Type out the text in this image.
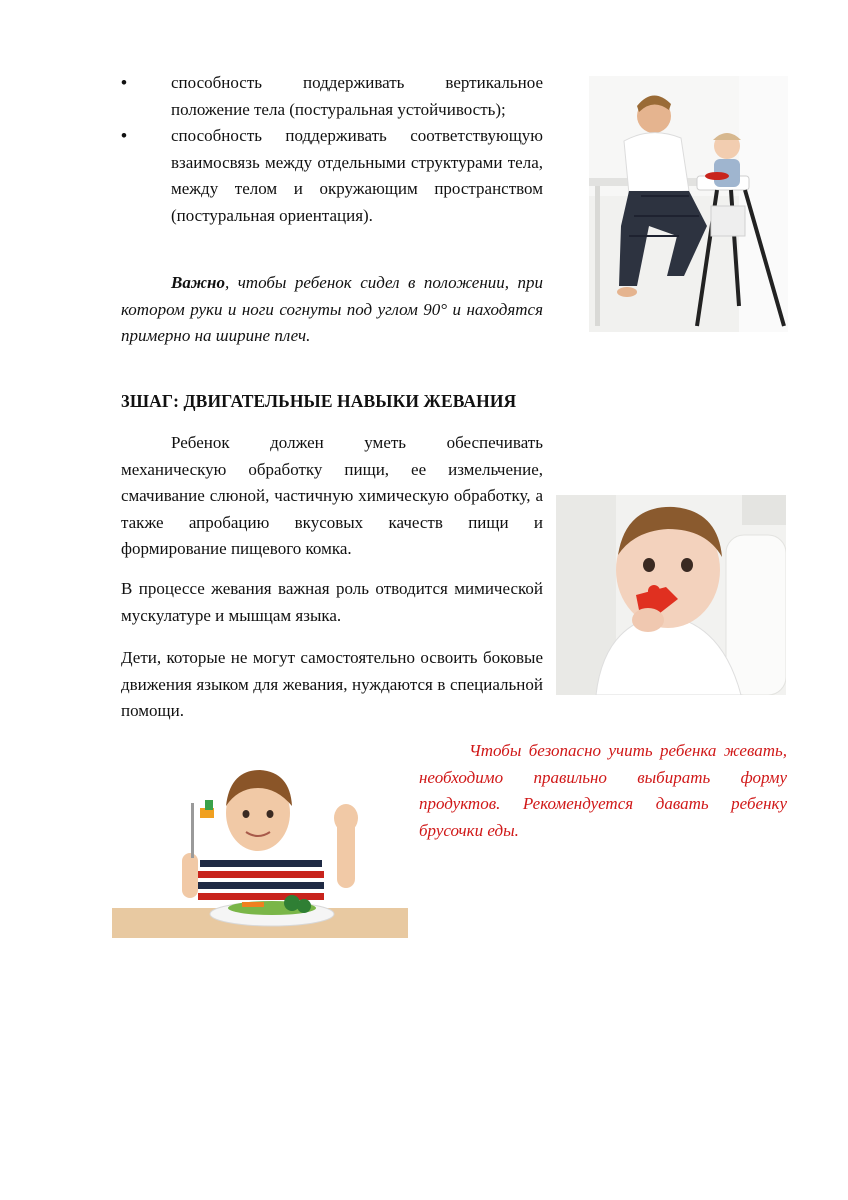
•	способность поддерживать вертикальное положение тела (постуральная устойчивость);

•	способность поддерживать соответствующую взаимосвязь между отдельными структурами тела, между телом и окружающим пространством (постуральная ориентация).

Важно, чтобы ребенок сидел в положении, при котором руки и ноги согнуты под углом 90° и находятся примерно на ширине плеч.

3ШАГ: ДВИГАТЕЛЬНЫЕ НАВЫКИ ЖЕВАНИЯ

Ребенок должен уметь обеспечивать механическую обработку пищи, ее измельчение, смачивание слюной, частичную химическую обработку, а также апробацию вкусовых качеств пищи и формирование пищевого комка.

В процессе жевания важная роль отводится мимической мускулатуре и мышцам языка.

Дети, которые не могут самостоятельно освоить боковые движения языком для жевания, нуждаются в специальной помощи.

Чтобы безопасно учить ребенка жевать, необходимо правильно выбирать форму продуктов. Рекомендуется давать ребенку брусочки еды.
